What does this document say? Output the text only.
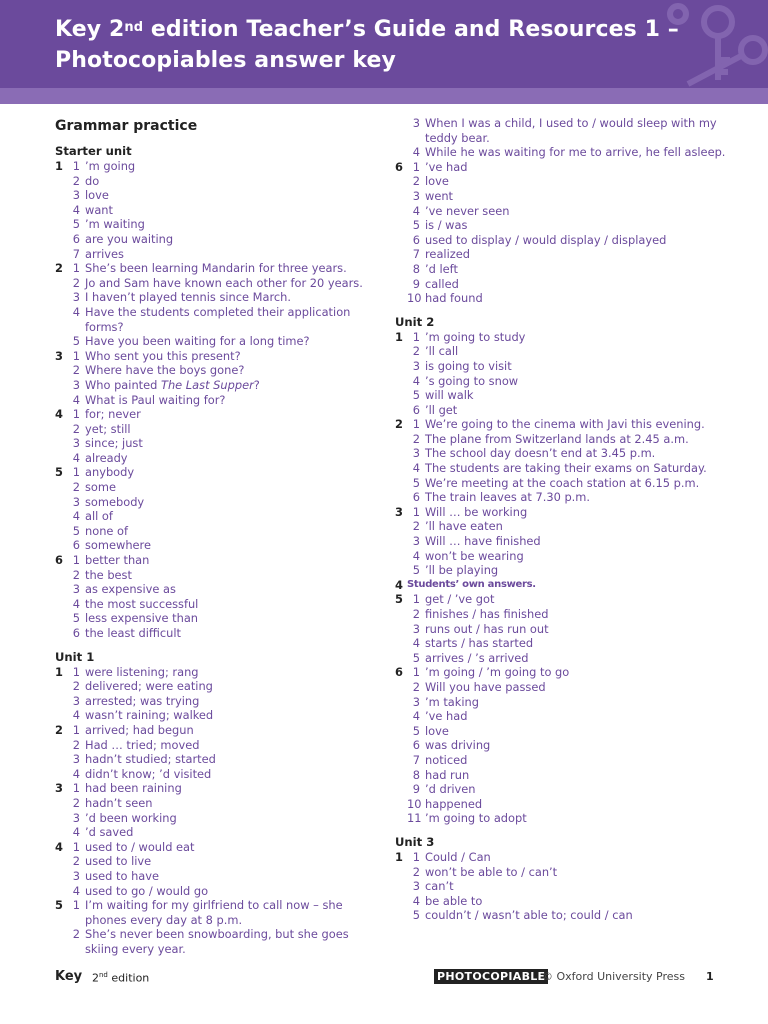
Key 2nd edition Teacher’s Guide and Resources 1 –
Photocopiables answer key
Grammar practice
Starter unit
1 1 ’m going
2 do
3 love
4 want
5 ’m waiting
6 are you waiting
7 arrives
2 1 She’s been learning Mandarin for three years.
2 Jo and Sam have known each other for 20 years.
3 I haven’t played tennis since March.
4 Have the students completed their application forms?
5 Have you been waiting for a long time?
3 1 Who sent you this present?
2 Where have the boys gone?
3 Who painted The Last Supper?
4 What is Paul waiting for?
4 1 for; never
2 yet; still
3 since; just
4 already
5 1 anybody
2 some
3 somebody
4 all of
5 none of
6 somewhere
6 1 better than
2 the best
3 as expensive as
4 the most successful
5 less expensive than
6 the least difficult
Unit 1
1 1 were listening; rang
2 delivered; were eating
3 arrested; was trying
4 wasn’t raining; walked
2 1 arrived; had begun
2 Had … tried; moved
3 hadn’t studied; started
4 didn’t know; ’d visited
3 1 had been raining
2 hadn’t seen
3 ’d been working
4 ’d saved
4 1 used to / would eat
2 used to live
3 used to have
4 used to go / would go
5 1 I’m waiting for my girlfriend to call now – she phones every day at 8 p.m.
2 She’s never been snowboarding, but she goes skiing every year.
3 When I was a child, I used to / would sleep with my teddy bear.
4 While he was waiting for me to arrive, he fell asleep.
6 1 ’ve had
2 love
3 went
4 ’ve never seen
5 is / was
6 used to display / would display / displayed
7 realized
8 ’d left
9 called
10 had found
Unit 2
1 1 ’m going to study
2 ’ll call
3 is going to visit
4 ’s going to snow
5 will walk
6 ’ll get
2 1 We’re going to the cinema with Javi this evening.
2 The plane from Switzerland lands at 2.45 a.m.
3 The school day doesn’t end at 3.45 p.m.
4 The students are taking their exams on Saturday.
5 We’re meeting at the coach station at 6.15 p.m.
6 The train leaves at 7.30 p.m.
3 1 Will … be working
2 ’ll have eaten
3 Will … have finished
4 won’t be wearing
5 ’ll be playing
4 Students’ own answers.
5 1 get / ’ve got
2 finishes / has finished
3 runs out / has run out
4 starts / has started
5 arrives / ’s arrived
6 1 ’m going / ’m going to go
2 Will you have passed
3 ’m taking
4 ’ve had
5 love
6 was driving
7 noticed
8 had run
9 ’d driven
10 happened
11 ’m going to adopt
Unit 3
1 1 Could / Can
2 won’t be able to / can’t
3 can’t
4 be able to
5 couldn’t / wasn’t able to; could / can
Key 2nd edition	PHOTOCOPIABLE
© Oxford University Press 1
